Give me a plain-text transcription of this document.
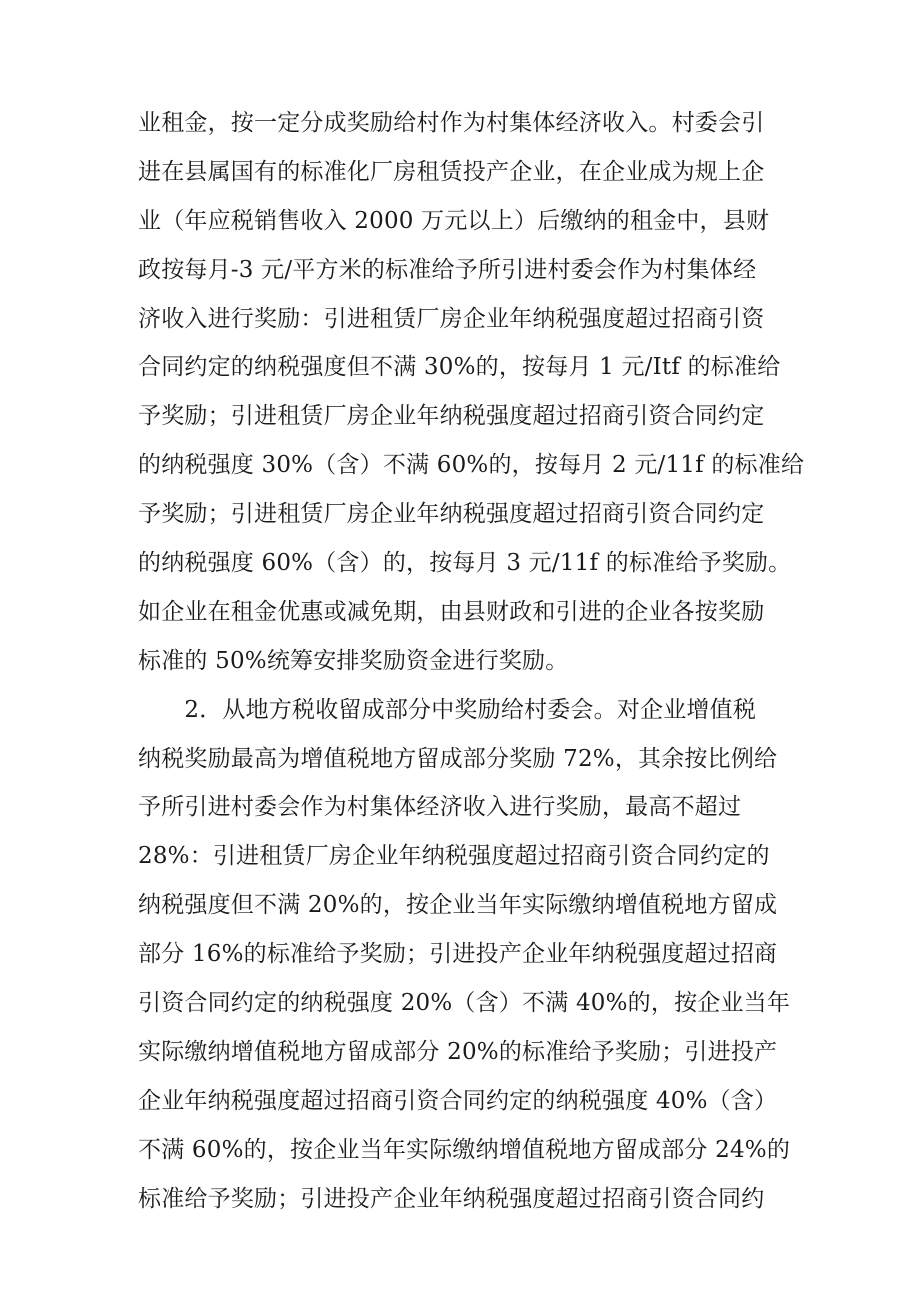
业租金，按一定分成奖励给村作为村集体经济收入。村委会引
进在县属国有的标准化厂房租赁投产企业，在企业成为规上企
业（年应税销售收入 2000 万元以上）后缴纳的租金中，县财
政按每月-3 元/平方米的标准给予所引进村委会作为村集体经
济收入进行奖励：引进租赁厂房企业年纳税强度超过招商引资
合同约定的纳税强度但不满 30%的，按每月 1 元/Itf 的标准给
予奖励；引进租赁厂房企业年纳税强度超过招商引资合同约定
的纳税强度 30%（含）不满 60%的，按每月 2 元/11f 的标准给
予奖励；引进租赁厂房企业年纳税强度超过招商引资合同约定
的纳税强度 60%（含）的，按每月 3 元/11f 的标准给予奖励。
如企业在租金优惠或减免期，由县财政和引进的企业各按奖励
标准的 50%统筹安排奖励资金进行奖励。
　　2．从地方税收留成部分中奖励给村委会。对企业增值税
纳税奖励最高为增值税地方留成部分奖励 72%，其余按比例给
予所引进村委会作为村集体经济收入进行奖励，最高不超过
28%：引进租赁厂房企业年纳税强度超过招商引资合同约定的
纳税强度但不满 20%的，按企业当年实际缴纳增值税地方留成
部分 16%的标准给予奖励；引进投产企业年纳税强度超过招商
引资合同约定的纳税强度 20%（含）不满 40%的，按企业当年
实际缴纳增值税地方留成部分 20%的标准给予奖励；引进投产
企业年纳税强度超过招商引资合同约定的纳税强度 40%（含）
不满 60%的，按企业当年实际缴纳增值税地方留成部分 24%的
标准给予奖励；引进投产企业年纳税强度超过招商引资合同约
